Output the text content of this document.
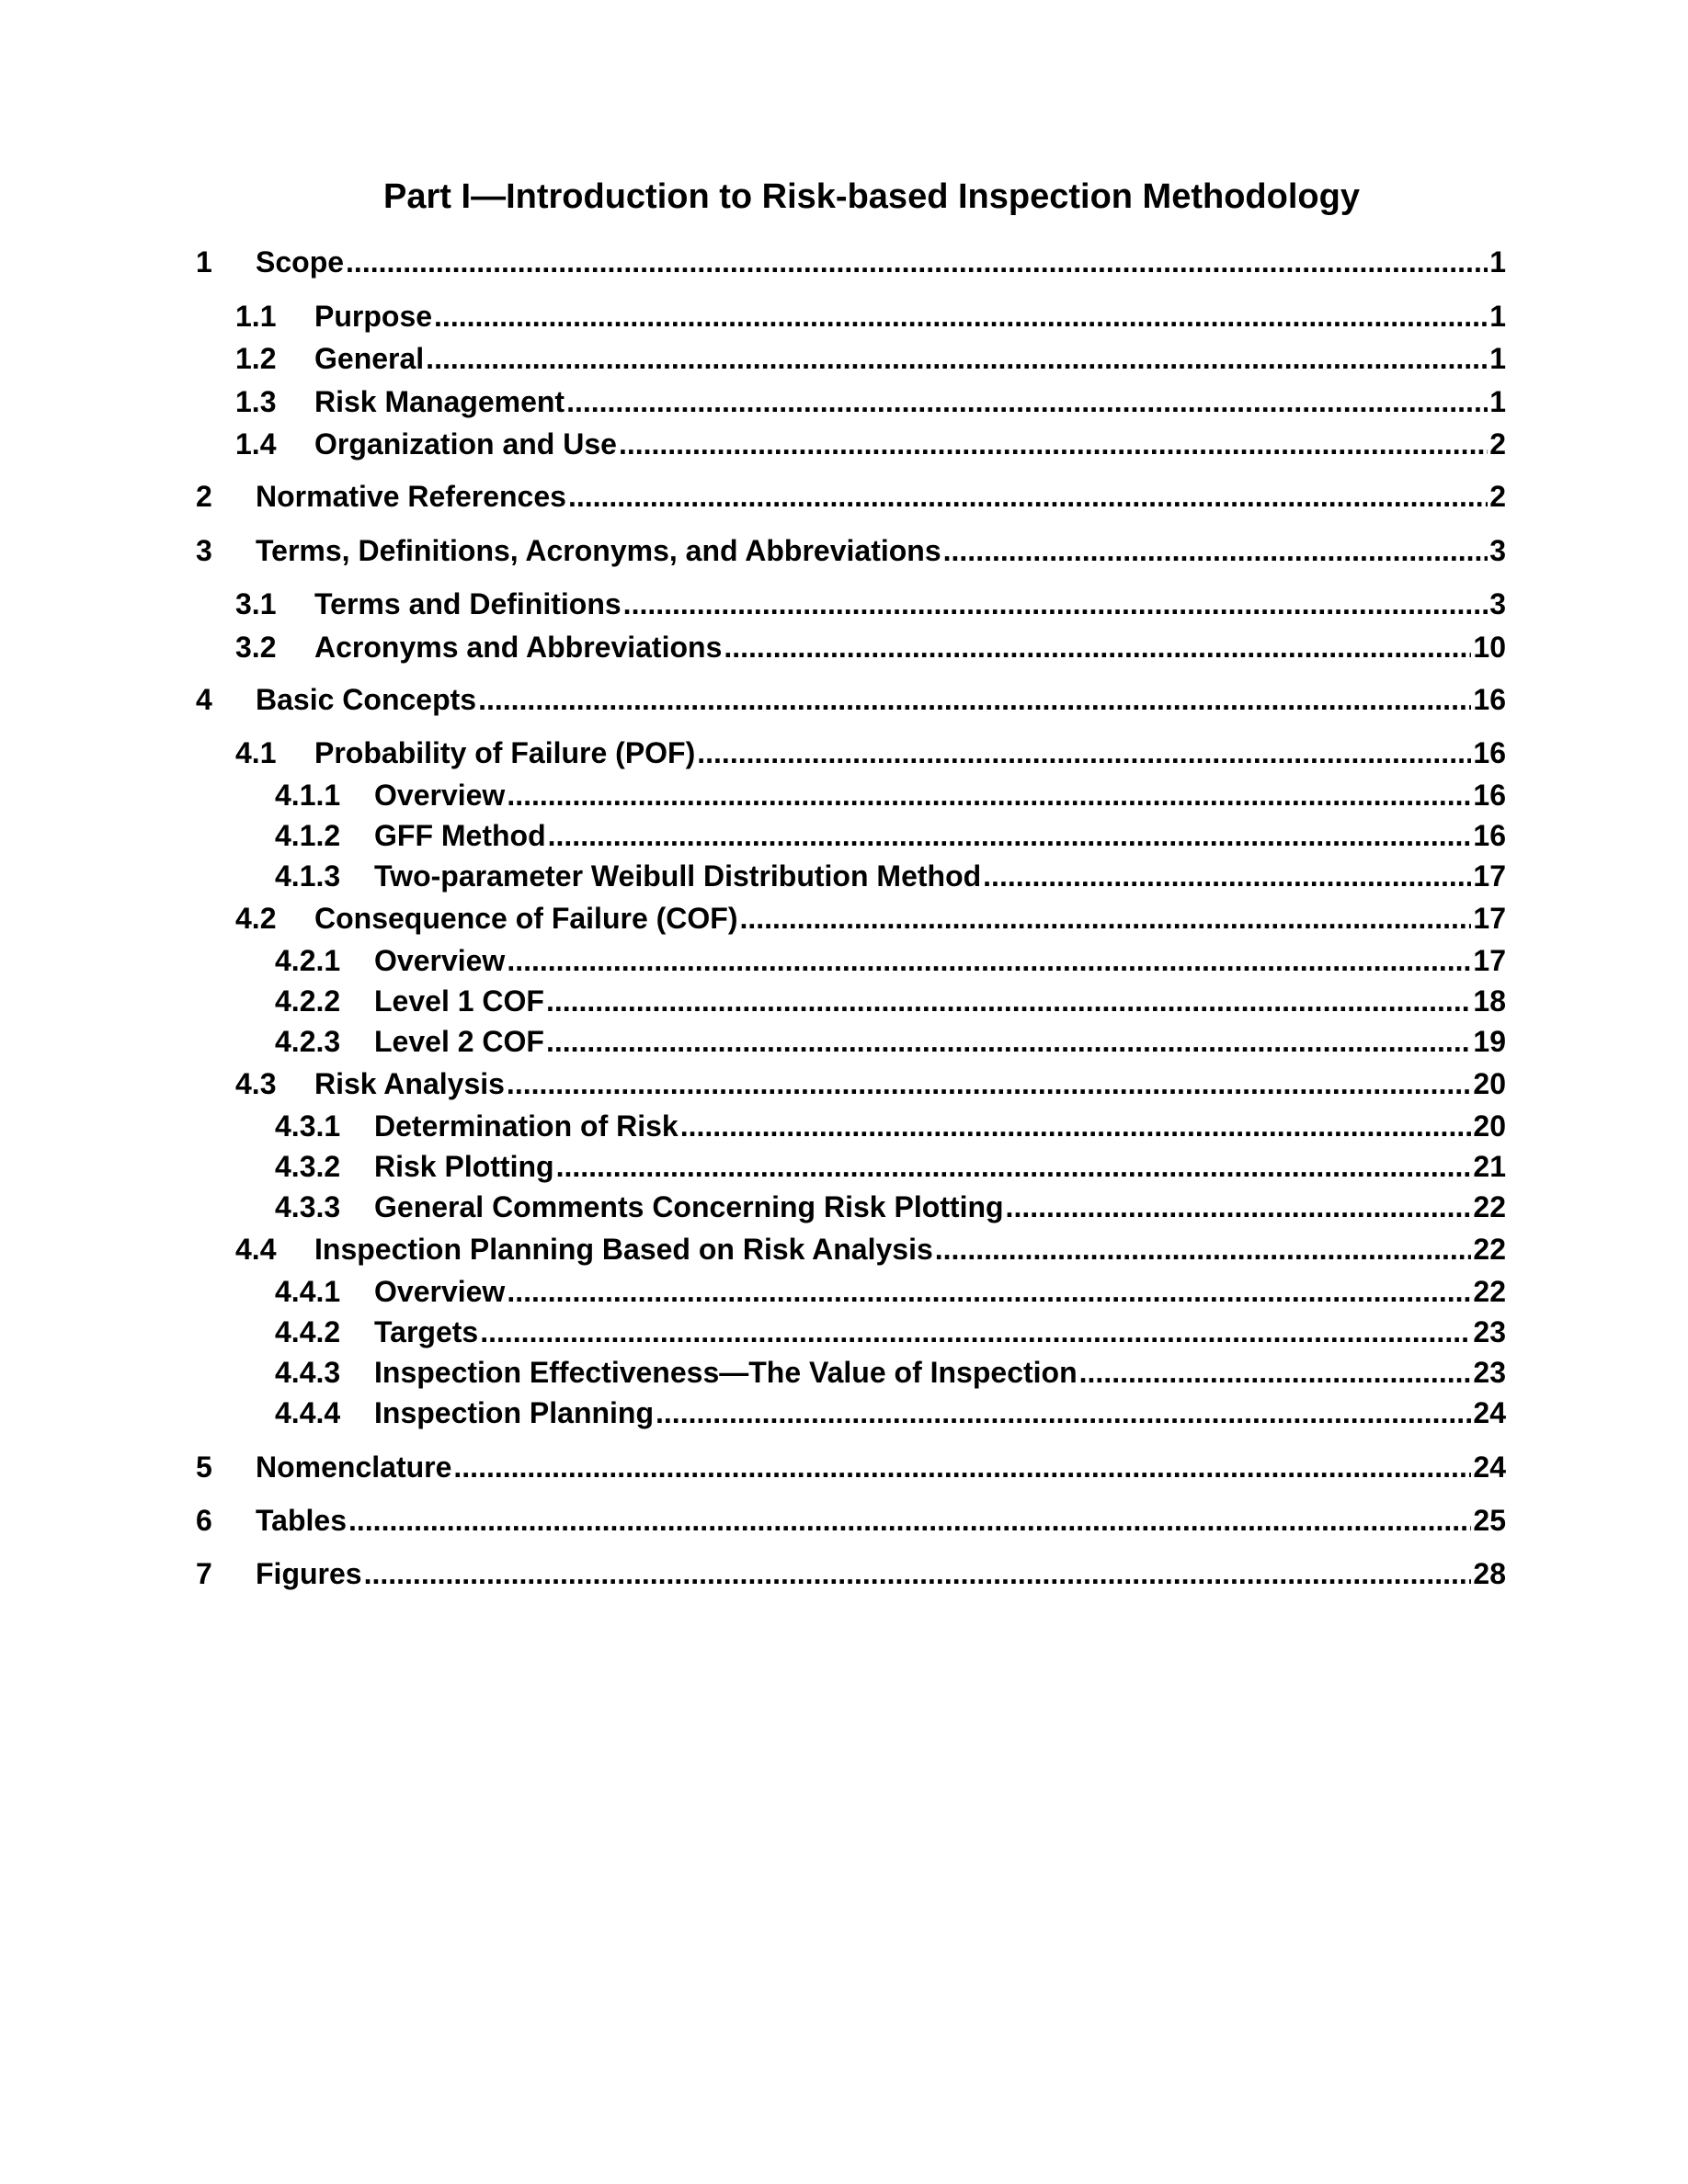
Part I—Introduction to Risk-based Inspection Methodology
1	Scope .....	1
1.1	Purpose .....	1
1.2	General .....	1
1.3	Risk Management .....	1
1.4	Organization and Use .....	2
2	Normative References .....	2
3	Terms, Definitions, Acronyms, and Abbreviations .....	3
3.1	Terms and Definitions .....	3
3.2	Acronyms and Abbreviations .....	10
4	Basic Concepts .....	16
4.1	Probability of Failure (POF) .....	16
4.1.1	Overview .....	16
4.1.2	GFF Method .....	16
4.1.3	Two-parameter Weibull Distribution Method .....	17
4.2	Consequence of Failure (COF) .....	17
4.2.1	Overview .....	17
4.2.2	Level 1 COF .....	18
4.2.3	Level 2 COF .....	19
4.3	Risk Analysis .....	20
4.3.1	Determination of Risk .....	20
4.3.2	Risk Plotting .....	21
4.3.3	General Comments Concerning Risk Plotting .....	22
4.4	Inspection Planning Based on Risk Analysis .....	22
4.4.1	Overview .....	22
4.4.2	Targets .....	23
4.4.3	Inspection Effectiveness—The Value of Inspection .....	23
4.4.4	Inspection Planning .....	24
5	Nomenclature .....	24
6	Tables .....	25
7	Figures .....	28
